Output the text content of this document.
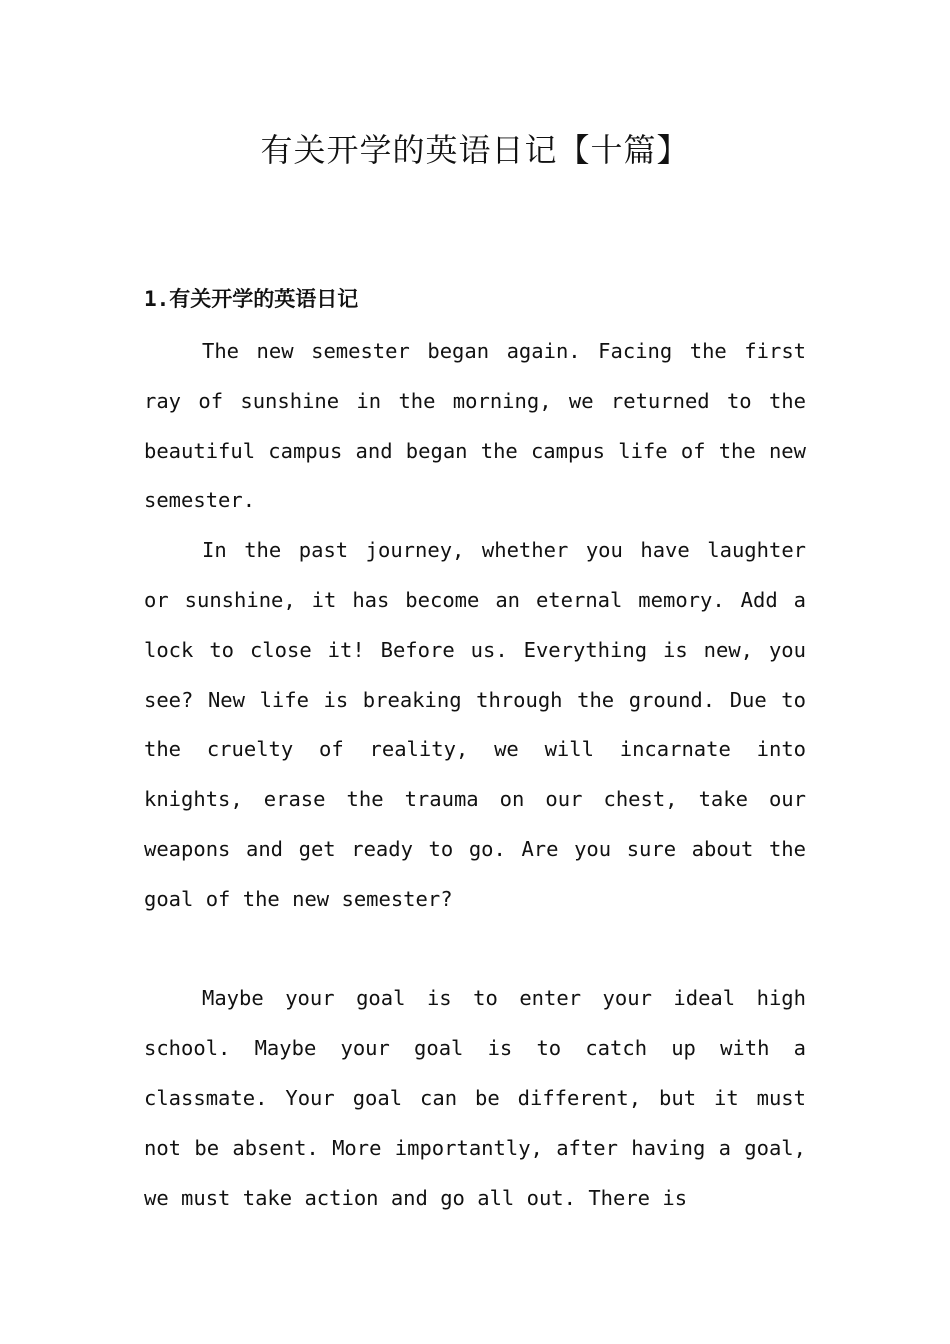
有关开学的英语日记【十篇】
1.有关开学的英语日记

The new semester began again. Facing the first ray of sunshine in the morning, we returned to the beautiful campus and began the campus life of the new semester.

In the past journey, whether you have laughter or sunshine, it has become an eternal memory. Add a lock to close it! Before us. Everything is new, you see? New life is breaking through the ground. Due to the cruelty of reality, we will incarnate into knights, erase the trauma on our chest, take our weapons and get ready to go. Are you sure about the goal of the new semester?

Maybe your goal is to enter your ideal high school. Maybe your goal is to catch up with a classmate. Your goal can be different, but it must not be absent. More importantly, after having a goal, we must take action and go all out. There is
